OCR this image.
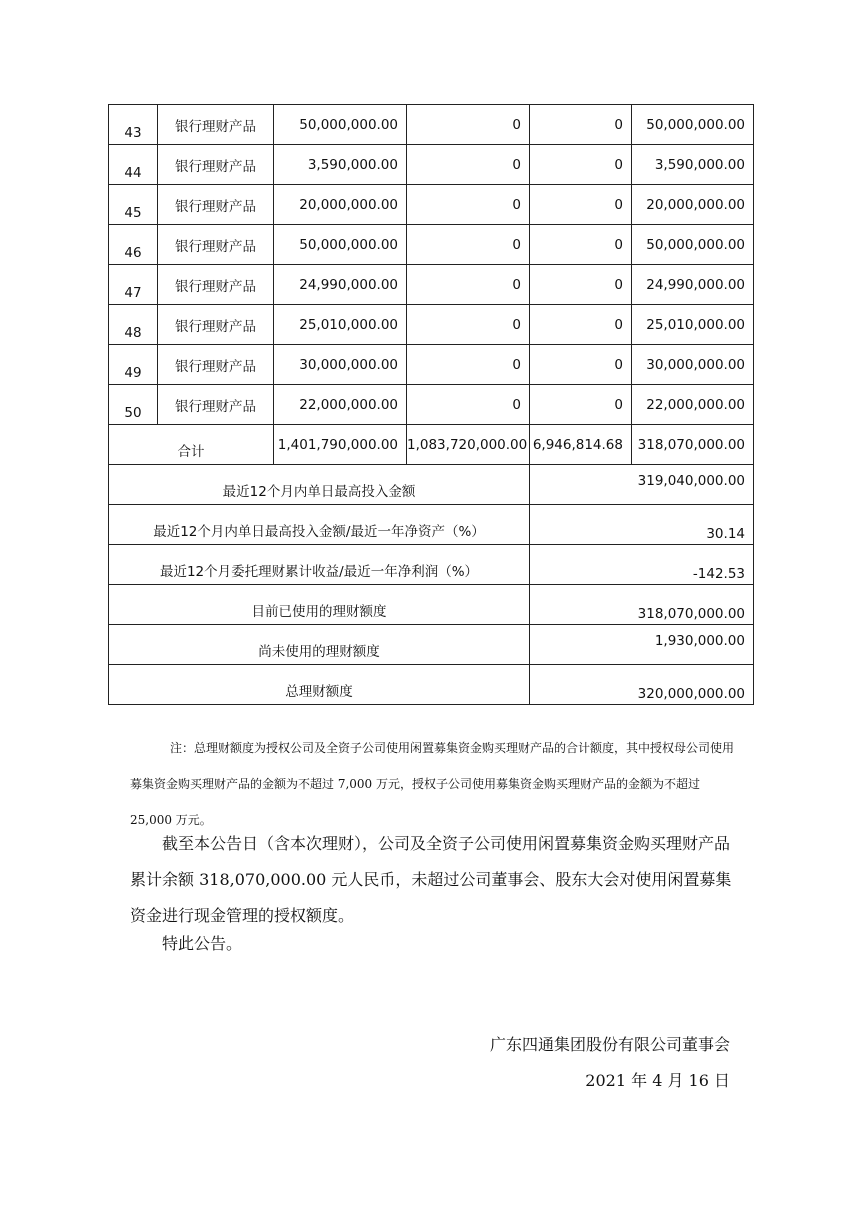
43	银行理财产品	50,000,000.00	0	0	50,000,000.00
44	银行理财产品	3,590,000.00	0	0	3,590,000.00
45	银行理财产品	20,000,000.00	0	0	20,000,000.00
46	银行理财产品	50,000,000.00	0	0	50,000,000.00
47	银行理财产品	24,990,000.00	0	0	24,990,000.00
48	银行理财产品	25,010,000.00	0	0	25,010,000.00
49	银行理财产品	30,000,000.00	0	0	30,000,000.00
50	银行理财产品	22,000,000.00	0	0	22,000,000.00
合计		1,401,790,000.00	1,083,720,000.00	6,946,814.68	318,070,000.00
最近12个月内单日最高投入金额				319,040,000.00	
最近12个月内单日最高投入金额/最近一年净资产（%）				30.14	
最近12个月委托理财累计收益/最近一年净利润（%）				-142.53	
目前已使用的理财额度				318,070,000.00	
尚未使用的理财额度				1,930,000.00	
总理财额度				320,000,000.00	
注：总理财额度为授权公司及全资子公司使用闲置募集资金购买理财产品的合计额度，其中授权母公司使用募集资金购买理财产品的金额为不超过 7,000 万元，授权子公司使用募集资金购买理财产品的金额为不超过 25,000 万元。
截至本公告日（含本次理财），公司及全资子公司使用闲置募集资金购买理财产品累计余额 318,070,000.00 元人民币，未超过公司董事会、股东大会对使用闲置募集资金进行现金管理的授权额度。
特此公告。
广东四通集团股份有限公司董事会
2021 年 4 月 16 日
